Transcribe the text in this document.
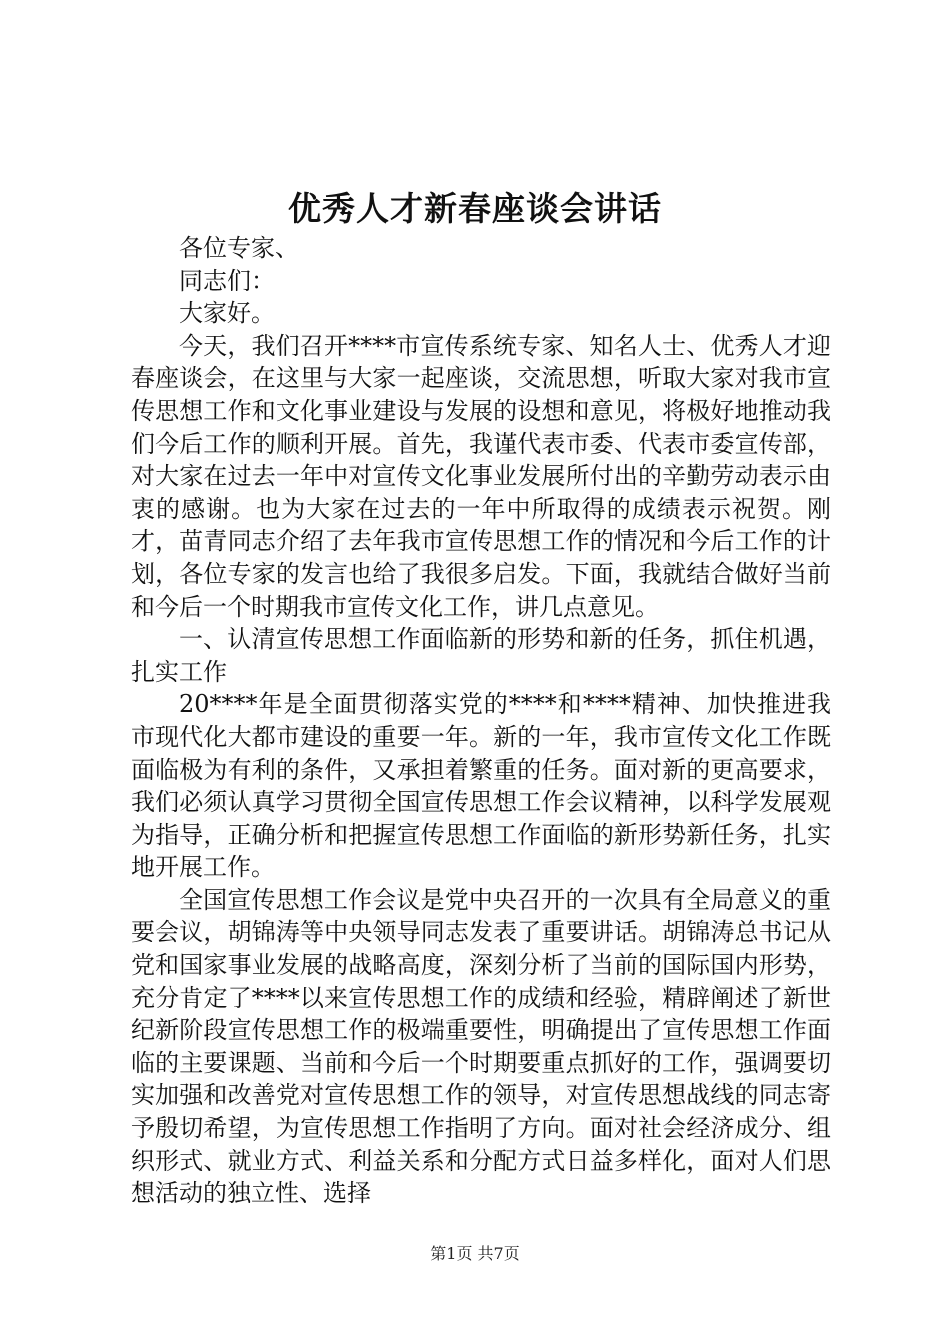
优秀人才新春座谈会讲话

各位专家、

同志们：

大家好。

今天，我们召开****市宣传系统专家、知名人士、优秀人才迎春座谈会，在这里与大家一起座谈，交流思想，听取大家对我市宣传思想工作和文化事业建设与发展的设想和意见，将极好地推动我们今后工作的顺利开展。首先，我谨代表市委、代表市委宣传部，对大家在过去一年中对宣传文化事业发展所付出的辛勤劳动表示由衷的感谢。也为大家在过去的一年中所取得的成绩表示祝贺。刚才，苗青同志介绍了去年我市宣传思想工作的情况和今后工作的计划，各位专家的发言也给了我很多启发。下面，我就结合做好当前和今后一个时期我市宣传文化工作，讲几点意见。

一、认清宣传思想工作面临新的形势和新的任务，抓住机遇，扎实工作

20****年是全面贯彻落实党的****和****精神、加快推进我市现代化大都市建设的重要一年。新的一年，我市宣传文化工作既面临极为有利的条件，又承担着繁重的任务。面对新的更高要求，我们必须认真学习贯彻全国宣传思想工作会议精神，以科学发展观为指导，正确分析和把握宣传思想工作面临的新形势新任务，扎实地开展工作。

全国宣传思想工作会议是党中央召开的一次具有全局意义的重要会议，胡锦涛等中央领导同志发表了重要讲话。胡锦涛总书记从党和国家事业发展的战略高度，深刻分析了当前的国际国内形势，充分肯定了****以来宣传思想工作的成绩和经验，精辟阐述了新世纪新阶段宣传思想工作的极端重要性，明确提出了宣传思想工作面临的主要课题、当前和今后一个时期要重点抓好的工作，强调要切实加强和改善党对宣传思想工作的领导，对宣传思想战线的同志寄予殷切希望，为宣传思想工作指明了方向。面对社会经济成分、组织形式、就业方式、利益关系和分配方式日益多样化，面对人们思想活动的独立性、选择

第1页 共7页
